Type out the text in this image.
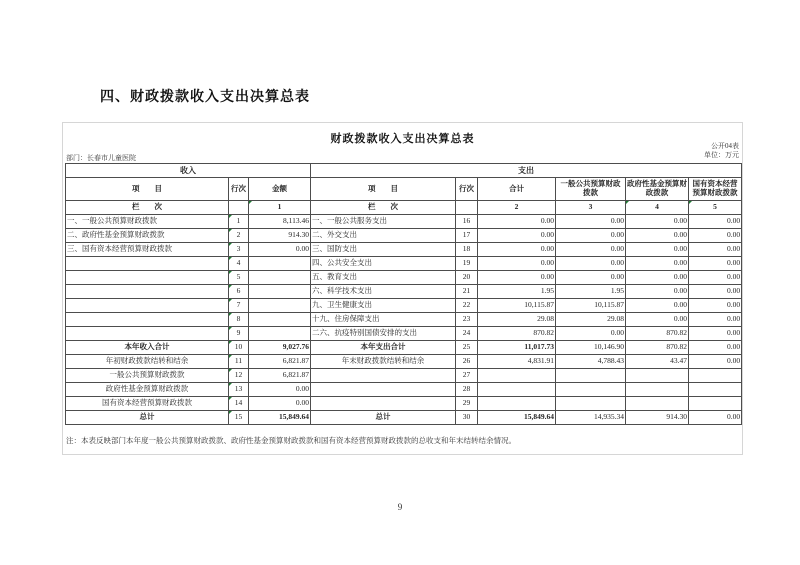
四、财政拨款收入支出决算总表
财政拨款收入支出决算总表
公开04表
单位：万元
部门：长春市儿童医院
收入			支出					
项　　目	行次	金额	项　　目	行次	合计	一般公共预算财政拨款	政府性基金预算财政拨款	国有资本经营预算财政拨款
栏　　次		1	栏　　次		2	3	4	5
一、一般公共预算财政拨款	1	8,113.46	一、一般公共服务支出	16	0.00	0.00	0.00	0.00
二、政府性基金预算财政拨款	2	914.30	二、外交支出	17	0.00	0.00	0.00	0.00
三、国有资本经营预算财政拨款	3	0.00	三、国防支出	18	0.00	0.00	0.00	0.00
	4		四、公共安全支出	19	0.00	0.00	0.00	0.00
	5		五、教育支出	20	0.00	0.00	0.00	0.00
	6		六、科学技术支出	21	1.95	1.95	0.00	0.00
	7		九、卫生健康支出	22	10,115.87	10,115.87	0.00	0.00
	8		十九、住房保障支出	23	29.08	29.08	0.00	0.00
	9		二六、抗疫特别国债安排的支出	24	870.82	0.00	870.82	0.00
本年收入合计	10	9,027.76	本年支出合计	25	11,017.73	10,146.90	870.82	0.00
年初财政拨款结转和结余	11	6,821.87	年末财政拨款结转和结余	26	4,831.91	4,788.43	43.47	0.00
一般公共预算财政拨款	12	6,821.87		27				
政府性基金预算财政拨款	13	0.00		28				
国有资本经营预算财政拨款	14	0.00		29				
总计	15	15,849.64	总计	30	15,849.64	14,935.34	914.30	0.00
注：本表反映部门本年度一般公共预算财政拨款、政府性基金预算财政拨款和国有资本经营预算财政拨款的总收支和年末结转结余情况。
9
